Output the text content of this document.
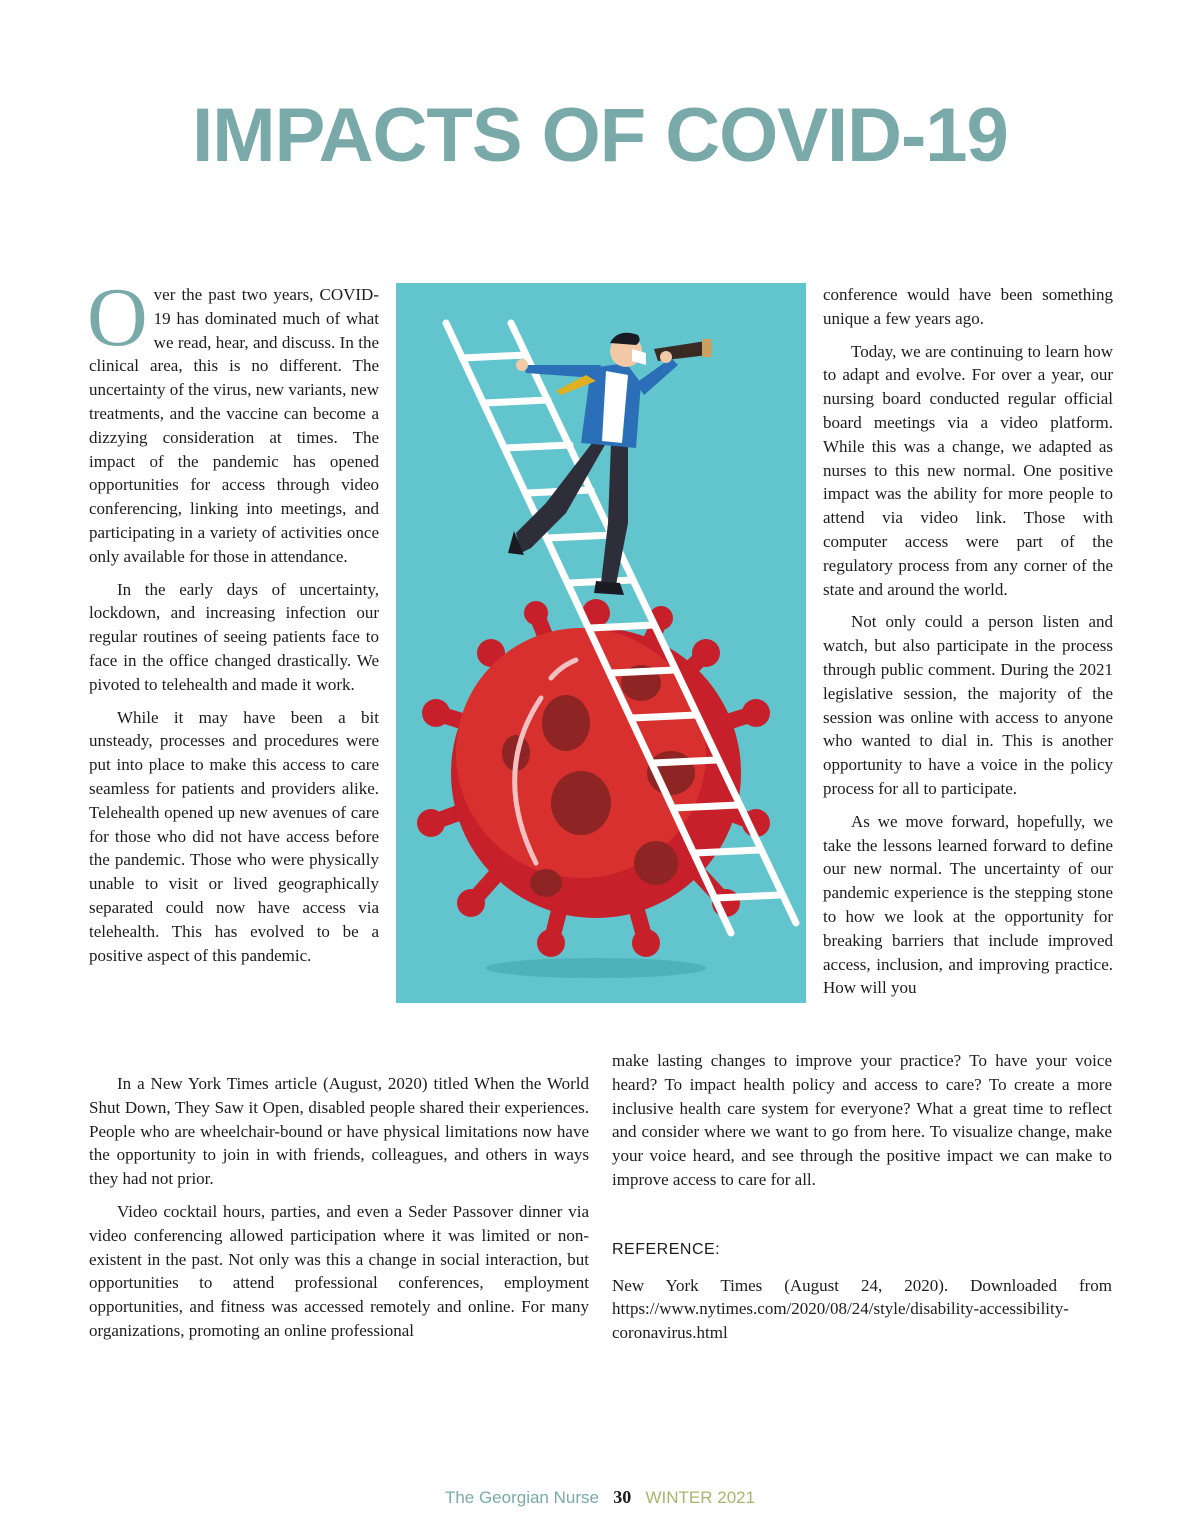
IMPACTS OF COVID-19

Over the past two years, COVID-19 has dominated much of what we read, hear, and discuss. In the clinical area, this is no different. The uncertainty of the virus, new variants, new treatments, and the vaccine can become a dizzying consideration at times. The impact of the pandemic has opened opportunities for access through video conferencing, linking into meetings, and participating in a variety of activities once only available for those in attendance.

In the early days of uncertainty, lockdown, and increasing infection our regular routines of seeing patients face to face in the office changed drastically. We pivoted to telehealth and made it work.

While it may have been a bit unsteady, processes and procedures were put into place to make this access to care seamless for patients and providers alike. Telehealth opened up new avenues of care for those who did not have access before the pandemic. Those who were physically unable to visit or lived geographically separated could now have access via telehealth. This has evolved to be a positive aspect of this pandemic.

conference would have been something unique a few years ago.

Today, we are continuing to learn how to adapt and evolve. For over a year, our nursing board conducted regular official board meetings via a video platform. While this was a change, we adapted as nurses to this new normal. One positive impact was the ability for more people to attend via video link. Those with computer access were part of the regulatory process from any corner of the state and around the world.

Not only could a person listen and watch, but also participate in the process through public comment. During the 2021 legislative session, the majority of the session was online with access to anyone who wanted to dial in. This is another opportunity to have a voice in the policy process for all to participate.

As we move forward, hopefully, we take the lessons learned forward to define our new normal. The uncertainty of our pandemic experience is the stepping stone to how we look at the opportunity for breaking barriers that include improved access, inclusion, and improving practice. How will you

In a New York Times article (August, 2020) titled When the World Shut Down, They Saw it Open, disabled people shared their experiences. People who are wheelchair-bound or have physical limitations now have the opportunity to join in with friends, colleagues, and others in ways they had not prior.

Video cocktail hours, parties, and even a Seder Passover dinner via video conferencing allowed participation where it was limited or non-existent in the past. Not only was this a change in social interaction, but opportunities to attend professional conferences, employment opportunities, and fitness was accessed remotely and online. For many organizations, promoting an online professional

make lasting changes to improve your practice? To have your voice heard? To impact health policy and access to care? To create a more inclusive health care system for everyone? What a great time to reflect and consider where we want to go from here. To visualize change, make your voice heard, and see through the positive impact we can make to improve access to care for all.

REFERENCE:

New York Times (August 24, 2020). Downloaded from https://www.nytimes.com/2020/08/24/style/disability-accessibility-coronavirus.html

The Georgian Nurse 30 WINTER 2021
